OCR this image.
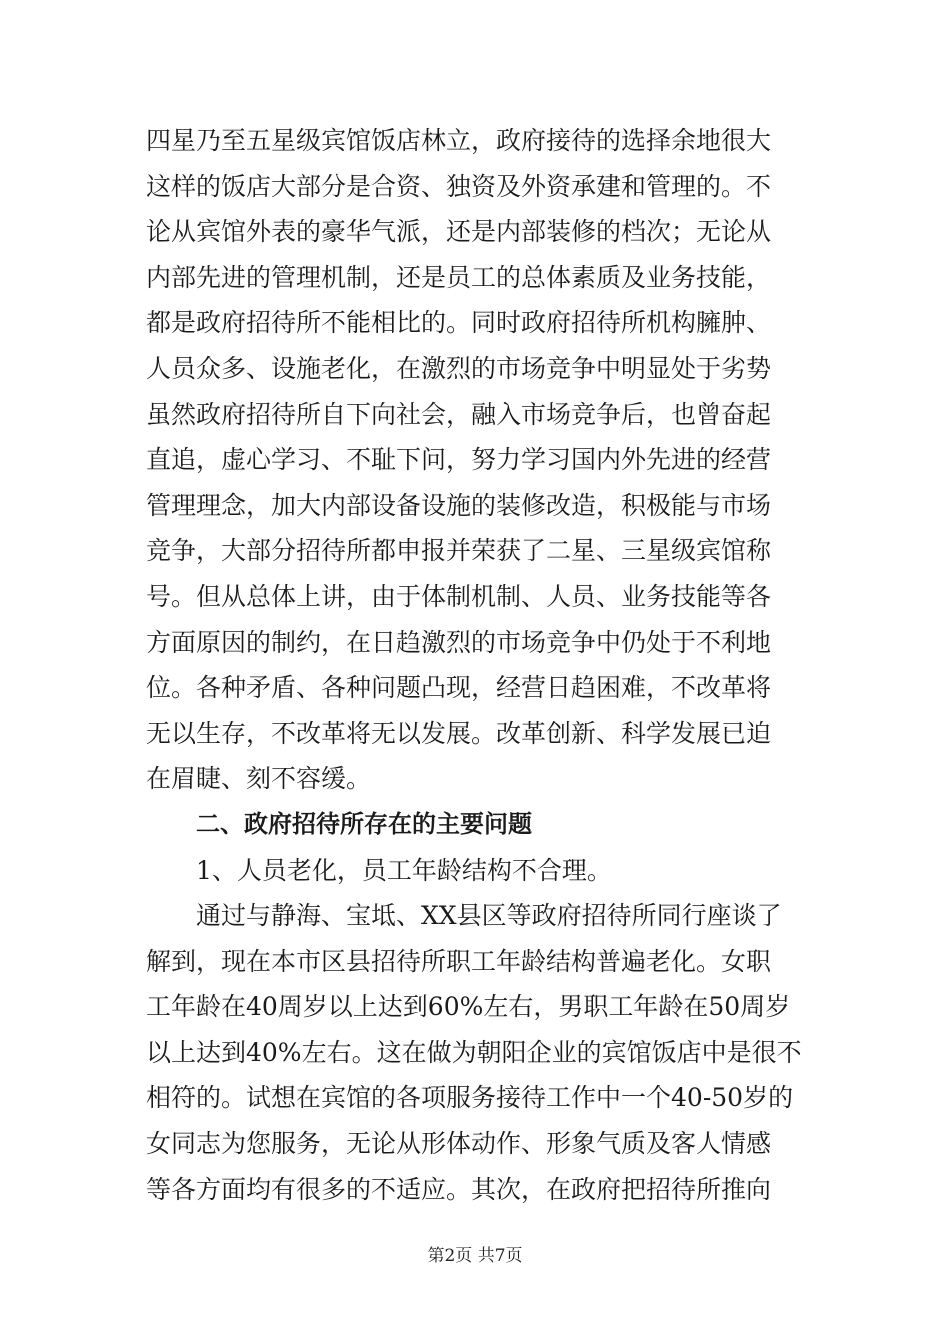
四星乃至五星级宾馆饭店林立，政府接待的选择余地很大
这样的饭店大部分是合资、独资及外资承建和管理的。不
论从宾馆外表的豪华气派，还是内部装修的档次；无论从
内部先进的管理机制，还是员工的总体素质及业务技能，
都是政府招待所不能相比的。同时政府招待所机构臃肿、
人员众多、设施老化，在激烈的市场竞争中明显处于劣势
虽然政府招待所自下向社会，融入市场竞争后，也曾奋起
直追，虚心学习、不耻下问，努力学习国内外先进的经营
管理理念，加大内部设备设施的装修改造，积极能与市场
竞争，大部分招待所都申报并荣获了二星、三星级宾馆称
号。但从总体上讲，由于体制机制、人员、业务技能等各
方面原因的制约，在日趋激烈的市场竞争中仍处于不利地
位。各种矛盾、各种问题凸现，经营日趋困难，不改革将
无以生存，不改革将无以发展。改革创新、科学发展已迫
在眉睫、刻不容缓。
二、政府招待所存在的主要问题
1、人员老化，员工年龄结构不合理。
通过与静海、宝坻、XX县区等政府招待所同行座谈了
解到，现在本市区县招待所职工年龄结构普遍老化。女职
工年龄在40周岁以上达到60%左右，男职工年龄在50周岁
以上达到40%左右。这在做为朝阳企业的宾馆饭店中是很不
相符的。试想在宾馆的各项服务接待工作中一个40-50岁的
女同志为您服务，无论从形体动作、形象气质及客人情感
等各方面均有很多的不适应。其次，在政府把招待所推向
第2页 共7页
